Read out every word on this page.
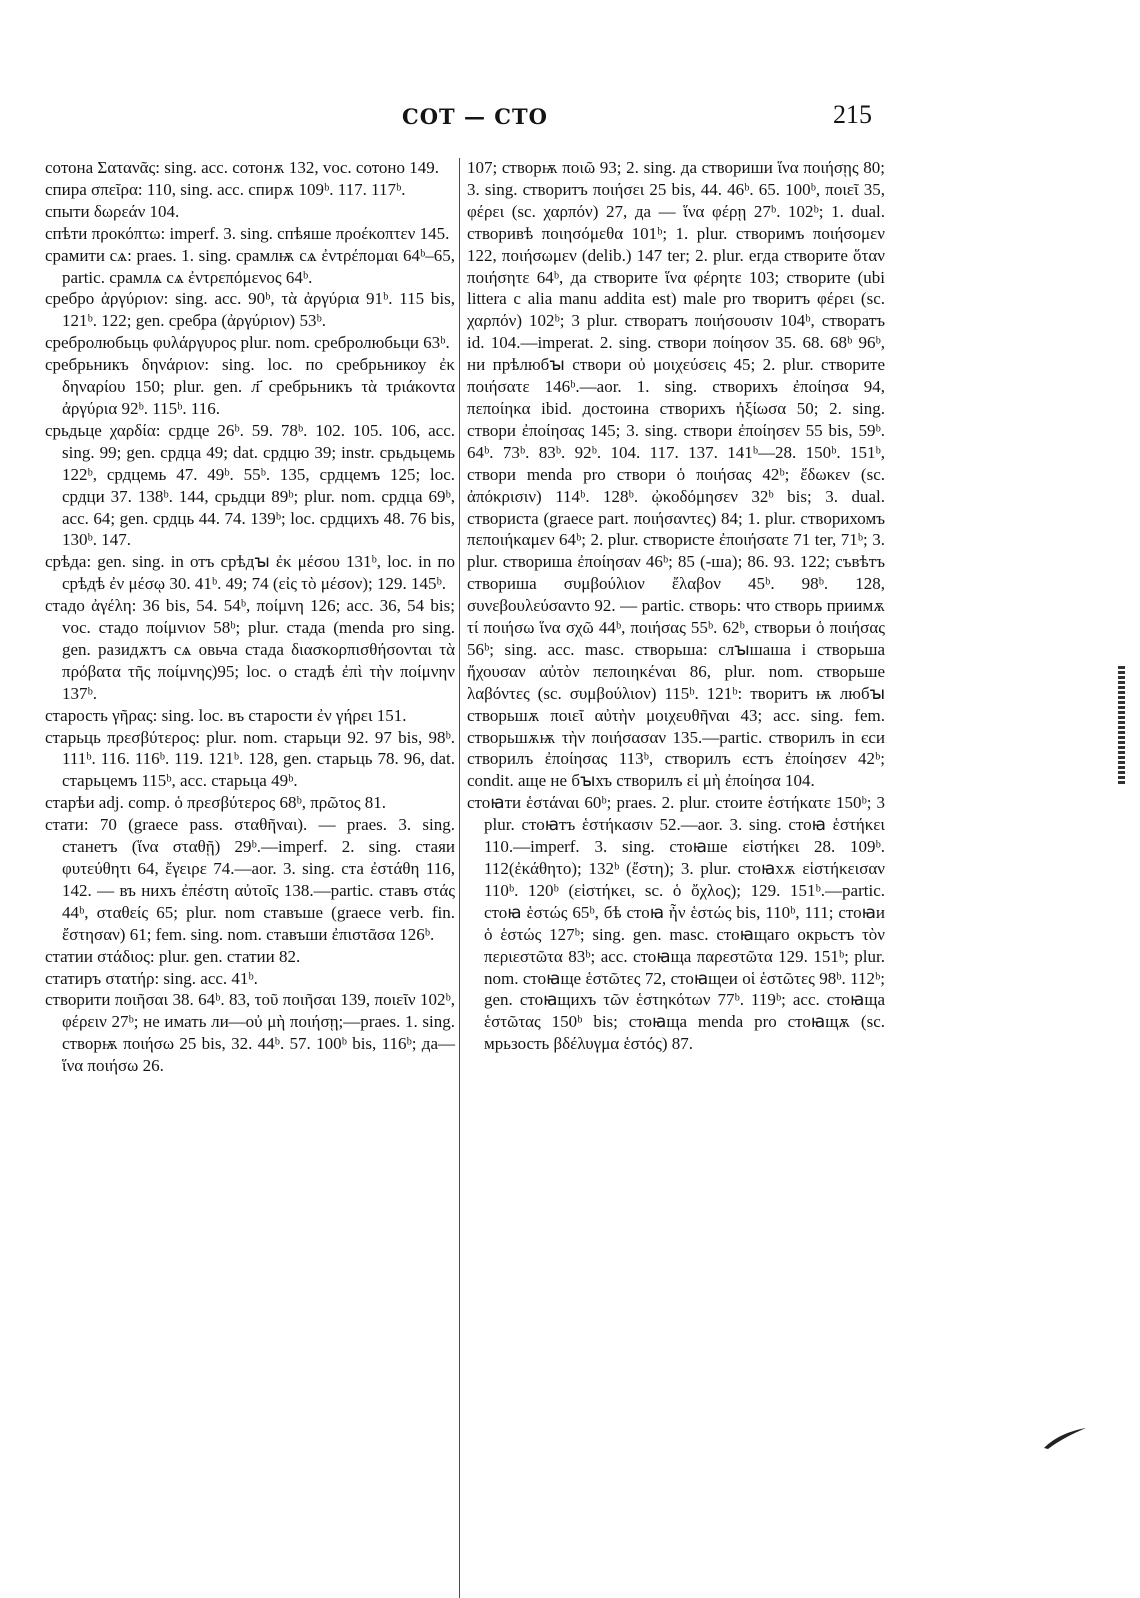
СОТ — СТО	215

сотона Σατανᾶς: sing. acc. сотонѫ 132, voc. сотоно 149.

спира σπεῖρα: 110, sing. acc. спирѫ 109ᵇ. 117. 117ᵇ.

спыти δωρεάν 104.

спѣти προκόπτω: imperf. 3. sing. спѣяше προέκοπτεν 145.

срамити сѧ: praes. 1. sing. срамлѭ сѧ ἐντρέπομαι 64ᵇ–65, partic. срамлѧ сѧ ἐντρεπόμενος 64ᵇ.

сребро ἀργύριον: sing. acc. 90ᵇ, τὰ ἀργύρια 91ᵇ. 115 bis, 121ᵇ. 122; gen. сребра (ἀργύριον) 53ᵇ.

сребролюбьць φυλάργυρος plur. nom. сребролюбьци 63ᵇ.

сребрьникъ δηνάριον: sing. loc. по сребрьникоу ἐκ δηναρίου 150; plur. gen. л҃ сребрьникъ τὰ τριάκοντα ἀργύρια 92ᵇ. 115ᵇ. 116.

срьдьце χαρδία: срдце 26ᵇ. 59. 78ᵇ. 102. 105. 106, acc. sing. 99; gen. срдца 49; dat. срдцю 39; instr. срьдьцемь 122ᵇ, срдцемь 47. 49ᵇ. 55ᵇ. 135, срдцемъ 125; loc. срдци 37. 138ᵇ. 144, срьдци 89ᵇ; plur. nom. срдца 69ᵇ, acc. 64; gen. срдць 44. 74. 139ᵇ; loc. срдцихъ 48. 76 bis, 130ᵇ. 147.

срѣда: gen. sing. in отъ срѣдꙑ ἐκ μέσου 131ᵇ, loc. in по срѣдѣ ἐν μέσῳ 30. 41ᵇ. 49; 74 (εἰς τὸ μέσον); 129. 145ᵇ.

стадо ἀγέλη: 36 bis, 54. 54ᵇ, ποίμνη 126; acc. 36, 54 bis; voc. стадо ποίμνιον 58ᵇ; plur. стада (menda pro sing. gen. разидѫтъ сѧ овьча стада διασκορπισθήσονται τὰ πρόβατα τῆς ποίμνης)95; loc. о стадѣ ἐπὶ τὴν ποίμνην 137ᵇ.

старость γῆρας: sing. loc. въ старости ἐν γήρει 151.

старьць πρεσβύτερος: plur. nom. старьци 92. 97 bis, 98ᵇ. 111ᵇ. 116. 116ᵇ. 119. 121ᵇ. 128, gen. старьць 78. 96, dat. старьцемъ 115ᵇ, acc. старьца 49ᵇ.

старѣи adj. comp. ὁ πρεσβύτερος 68ᵇ, πρῶτος 81.

стати: 70 (graece pass. σταθῆναι). — praes. 3. sing. станетъ (ἵνα σταθῇ) 29ᵇ.—imperf. 2. sing. стаяи φυτεύθητι 64, ἔγειρε 74.—aor. 3. sing. ста ἐστάθη 116, 142. — въ нихъ ἐπέστη αὐτοῖς 138.—partic. ставъ στάς 44ᵇ, σταθείς 65; plur. nom ставъше (graece verb. fin. ἔστησαν) 61; fem. sing. nom. ставъши ἐπιστᾶσα 126ᵇ.

статии στάδιος: plur. gen. статии 82.

статиръ στατήρ: sing. acc. 41ᵇ.

створити ποιῆσαι 38. 64ᵇ. 83, τοῦ ποιῆσαι 139, ποιεῖν 102ᵇ, φέρειν 27ᵇ; не имать ли—οὐ μὴ ποιήσῃ;—praes. 1. sing. створѭ ποιήσω 25 bis, 32. 44ᵇ. 57. 100ᵇ bis, 116ᵇ; да—ἵνα ποιήσω 26.

107; створѭ ποιῶ 93; 2. sing. да створиши ἵνα ποιήσῃς 80; 3. sing. створитъ ποιήσει 25 bis, 44. 46ᵇ. 65. 100ᵇ, ποιεῖ 35, φέρει (sc. χαρπόν) 27, да — ἵνα φέρῃ 27ᵇ. 102ᵇ; 1. dual. створивѣ ποιησόμεθα 101ᵇ; 1. plur. створимъ ποιήσομεν 122, ποιήσωμεν (delib.) 147 ter; 2. plur. егда створите ὅταν ποιήσητε 64ᵇ, да створите ἵνα φέρητε 103; створите (ubi littera с alia manu addita est) male pro творитъ φέρει (sc. χαρπόν) 102ᵇ; 3 plur. створатъ ποιήσουσιν 104ᵇ, створатъ id. 104.—imperat. 2. sing. створи ποίησον 35. 68. 68ᵇ 96ᵇ, ни прѣлюбꙑ створи οὐ μοιχεύσεις 45; 2. plur. створите ποιήσατε 146ᵇ.—aor. 1. sing. створихъ ἐποίησα 94, πεποίηκα ibid. достоина створихъ ἠξίωσα 50; 2. sing. створи ἐποίησας 145; 3. sing. створи ἐποίησεν 55 bis, 59ᵇ. 64ᵇ. 73ᵇ. 83ᵇ. 92ᵇ. 104. 117. 137. 141ᵇ—28. 150ᵇ. 151ᵇ, створи menda pro створи ὁ ποιήσας 42ᵇ; ἔδωκεν (sc. ἀπόκρισιν) 114ᵇ. 128ᵇ. ᾠκοδόμησεν 32ᵇ bis; 3. dual. створиста (graece part. ποιήσαντες) 84; 1. plur. створихомъ πεποιήκαμεν 64ᵇ; 2. plur. створисте ἐποιήσατε 71 ter, 71ᵇ; 3. plur. створиша ἐποίησαν 46ᵇ; 85 (-ша); 86. 93. 122; съвѣтъ створиша συμβούλιον ἔλαβον 45ᵇ. 98ᵇ. 128, συνεβουλεύσαντο 92. — partic. створь: что створь приимѫ τί ποιήσω ἵνα σχῶ 44ᵇ, ποιήσας 55ᵇ. 62ᵇ, створьи ὁ ποιήσας 56ᵇ; sing. acc. masc. створьша: слꙑшаша i створьша ἤχουσαν αὐτὸν πεποιηκέναι 86, plur. nom. створьше λαβόντες (sc. συμβούλιον) 115ᵇ. 121ᵇ: творитъ ѭ любꙑ створьшѫ ποιεῖ αὐτὴν μοιχευθῆναι 43; acc. sing. fem. створьшѫѭ τὴν ποιήσασαν 135.—partic. створилъ in єси створилъ ἐποίησας 113ᵇ, створилъ єстъ ἐποίησεν 42ᵇ; condit. аще не бꙑхъ створилъ εἰ μὴ ἐποίησα 104.

стоꙗти ἑστάναι 60ᵇ; praes. 2. plur. стоите ἑστήκατε 150ᵇ; 3 plur. стоꙗтъ ἑστήκασιν 52.—aor. 3. sing. стоꙗ ἑστήκει 110.—imperf. 3. sing. стоꙗше εἱστήκει 28. 109ᵇ. 112(ἐκάθητο); 132ᵇ (ἔστη); 3. plur. стоꙗхѫ εἱστήκεισαν 110ᵇ. 120ᵇ (εἱστήκει, sc. ὁ ὄχλος); 129. 151ᵇ.—partic. стоꙗ ἑστώς 65ᵇ, бѣ стоꙗ ἦν ἑστώς bis, 110ᵇ, 111; стоꙗи ὁ ἑστώς 127ᵇ; sing. gen. masc. стоꙗщаго окрьстъ τὸν περιεστῶτα 83ᵇ; acc. стоꙗща παρεστῶτα 129. 151ᵇ; plur. nom. стоꙗще ἑστῶτες 72, стоꙗщеи οἱ ἑστῶτες 98ᵇ. 112ᵇ; gen. стоꙗщихъ τῶν ἑστηκότων 77ᵇ. 119ᵇ; acc. стоꙗща ἑστῶτας 150ᵇ bis; стоꙗща menda pro стоꙗщѫ (sc. мрьзость βδέλυγμα ἑστός) 87.
